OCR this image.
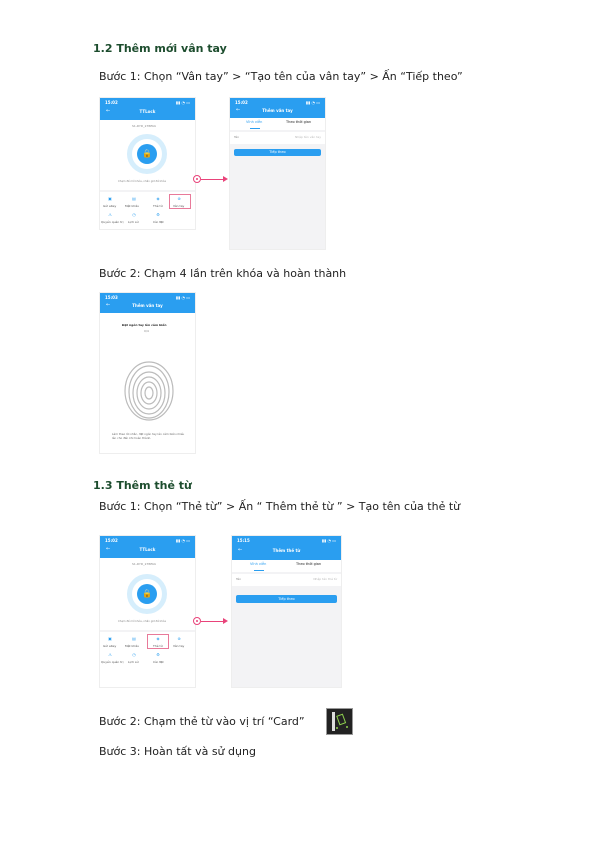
1.2 Thêm mới vân tay
Bước 1: Chọn “Vân tay” > “Tạo tên của vân tay” > Ấn “Tiếp theo”
15:02	▮▮ ◔ ▭
←	TTLock
S1-DYD_235Ebb
🔒
Chạm để mở khóa, nhấn giữ để khóa
▣
Gửi eKey
▤
Mật khẩu
◈
Thẻ từ
⊛
Vân tay
⚠
Quyền quản trị
◷
Lịch sử
⚙
Cài đặt
15:02	▮▮ ◔ ▭
←	Thêm vân tay
Vĩnh viễn	Theo thời gian
Tên	Nhập tên vân tay
Tiếp theo
Bước 2: Chạm 4 lần trên khóa và hoàn thành
15:03	▮▮ ◔ ▭
←	Thêm vân tay
Đặt ngón tay lên cảm biến
0/4
Làm theo lời nhắc, đặt ngón tay lên cảm biến nhiều lần cho đến khi hoàn thành.
1.3 Thêm thẻ từ
Bước 1: Chọn “Thẻ từ” > Ấn “ Thêm thẻ từ ” > Tạo tên của thẻ từ
15:02	▮▮ ◔ ▭
←	TTLock
S1-DYD_235Ebb
🔒
Chạm để mở khóa, nhấn giữ để khóa
▣
Gửi eKey
▤
Mật khẩu
◈
Thẻ từ
⊛
Vân tay
⚠
Quyền quản trị
◷
Lịch sử
⚙
Cài đặt
15:15	▮▮ ◔ ▭
←	Thêm thẻ từ
Vĩnh viễn	Theo thời gian
Tên	Nhập tên thẻ từ
Tiếp theo
Bước 2: Chạm thẻ từ vào vị trí “Card”
Bước 3: Hoàn tất và sử dụng
